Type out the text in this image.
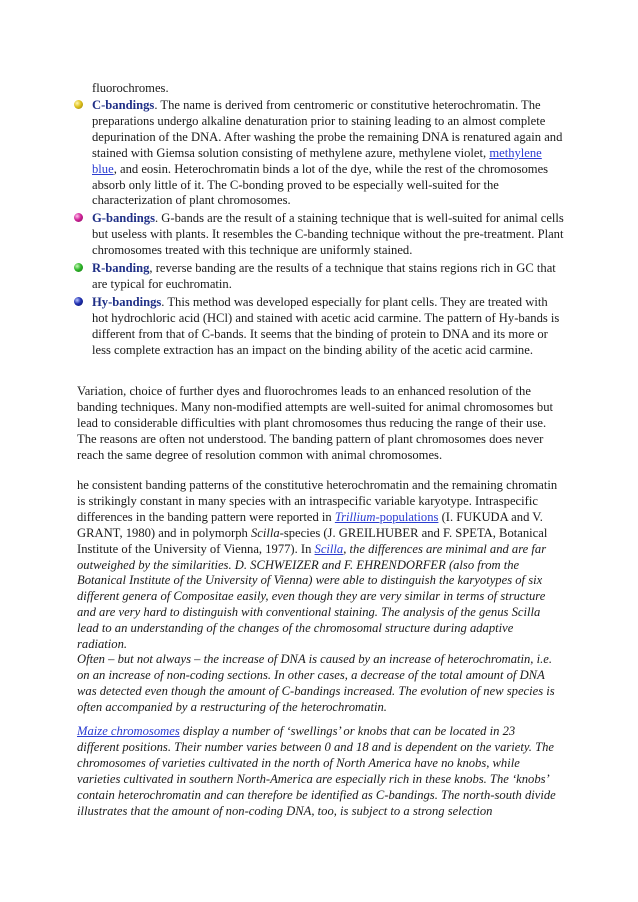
fluorochromes.

C-bandings. The name is derived from centromeric or constitutive heterochromatin. The preparations undergo alkaline denaturation prior to staining leading to an almost complete depurination of the DNA. After washing the probe the remaining DNA is renatured again and stained with Giemsa solution consisting of methylene azure, methylene violet, methylene blue, and eosin. Heterochromatin binds a lot of the dye, while the rest of the chromosomes absorb only little of it. The C-bonding proved to be especially well-suited for the characterization of plant chromosomes.
G-bandings. G-bands are the result of a staining technique that is well-suited for animal cells but useless with plants. It resembles the C-banding technique without the pre-treatment. Plant chromosomes treated with this technique are uniformly stained.
R-banding, reverse banding are the results of a technique that stains regions rich in GC that are typical for euchromatin.
Hy-bandings. This method was developed especially for plant cells. They are treated with hot hydrochloric acid (HCl) and stained with acetic acid carmine. The pattern of Hy-bands is different from that of C-bands. It seems that the binding of protein to DNA and its more or less complete extraction has an impact on the binding ability of the acetic acid carmine.

Variation, choice of further dyes and fluorochromes leads to an enhanced resolution of the banding techniques. Many non-modified attempts are well-suited for animal chromosomes but lead to considerable difficulties with plant chromosomes thus reducing the range of their use. The reasons are often not understood. The banding pattern of plant chromosomes does never reach the same degree of resolution common with animal chromosomes.

he consistent banding patterns of the constitutive heterochromatin and the remaining chromatin is strikingly constant in many species with an intraspecific variable karyotype. Intraspecific differences in the banding pattern were reported in Trillium-populations (I. FUKUDA and V. GRANT, 1980) and in polymorph Scilla-species (J. GREILHUBER and F. SPETA, Botanical Institute of the University of Vienna, 1977). In Scilla, the differences are minimal and are far outweighed by the similarities. D. SCHWEIZER and F. EHRENDORFER (also from the Botanical Institute of the University of Vienna) were able to distinguish the karyotypes of six different genera of Compositae easily, even though they are very similar in terms of structure and are very hard to distinguish with conventional staining. The analysis of the genus Scilla lead to an understanding of the changes of the chromosomal structure during adaptive radiation.

Often – but not always – the increase of DNA is caused by an increase of heterochromatin, i.e. on an increase of non-coding sections. In other cases, a decrease of the total amount of DNA was detected even though the amount of C-bandings increased. The evolution of new species is often accompanied by a restructuring of the heterochromatin.

Maize chromosomes display a number of ‘swellings’ or knobs that can be located in 23 different positions. Their number varies between 0 and 18 and is dependent on the variety. The chromosomes of varieties cultivated in the north of North America have no knobs, while varieties cultivated in southern North-America are especially rich in these knobs. The ‘knobs’ contain heterochromatin and can therefore be identified as C-bandings. The north-south divide illustrates that the amount of non-coding DNA, too, is subject to a strong selection
